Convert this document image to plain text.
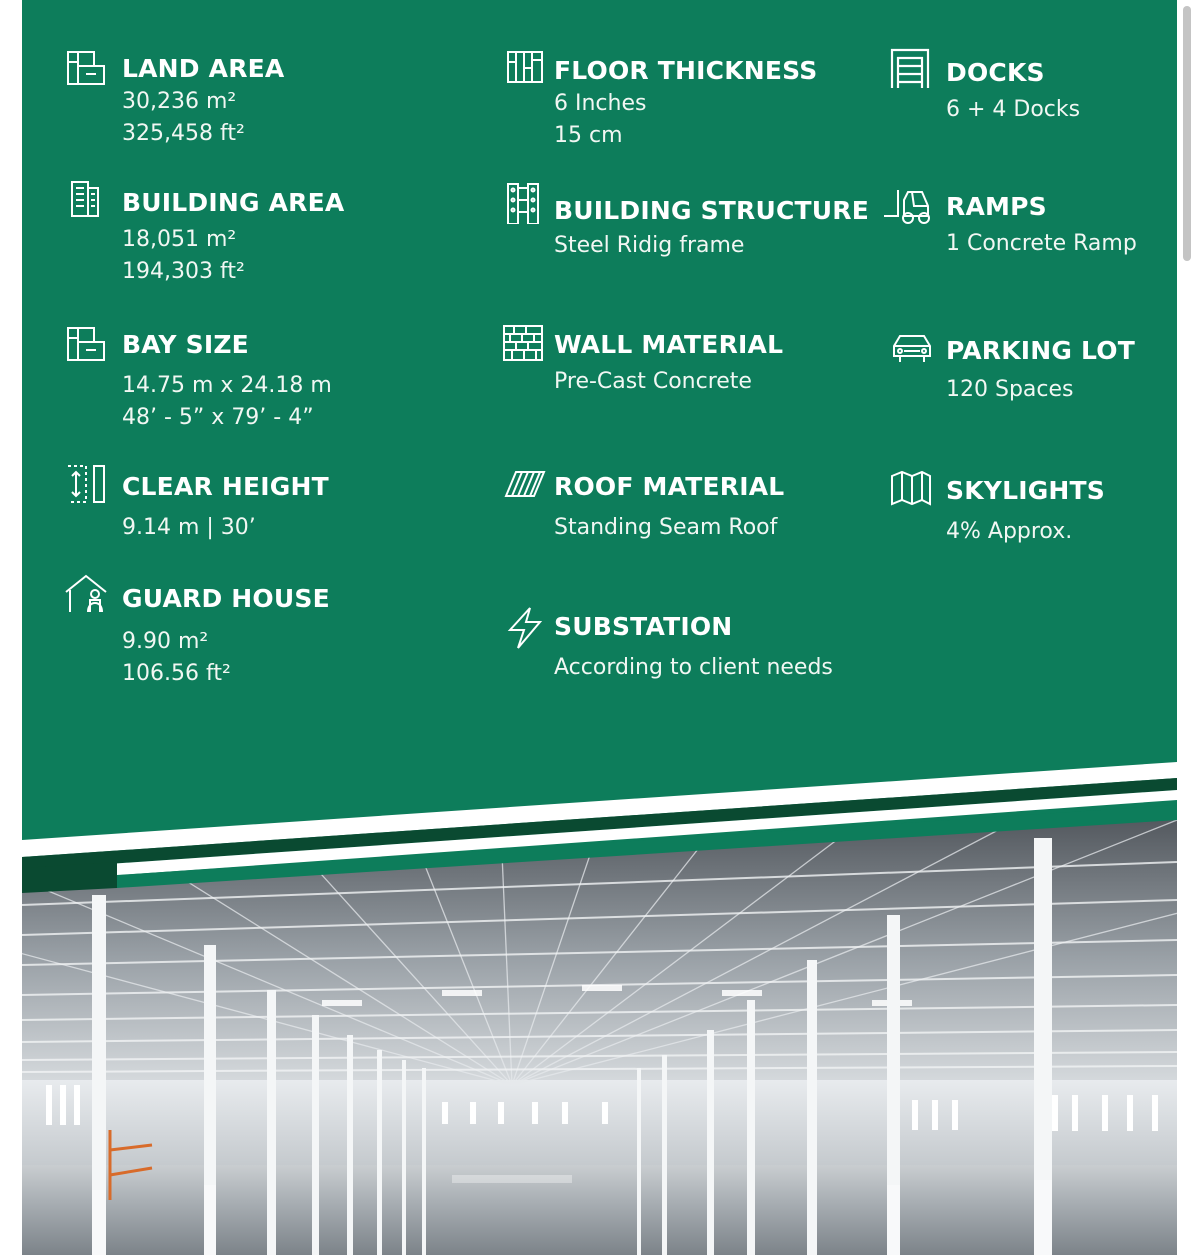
LAND AREA
30,236 m²
325,458 ft²
BUILDING AREA
18,051 m²
194,303 ft²
BAY SIZE
14.75 m x 24.18 m
48’ - 5” x 79’ - 4”
CLEAR HEIGHT
9.14 m | 30’
GUARD HOUSE
9.90 m²
106.56 ft²
FLOOR THICKNESS
6 Inches
15 cm
BUILDING STRUCTURE
Steel Ridig frame
WALL MATERIAL
Pre-Cast Concrete
ROOF MATERIAL
Standing Seam Roof
SUBSTATION
According to client needs
DOCKS
6 + 4 Docks
RAMPS
1 Concrete Ramp
PARKING LOT
120 Spaces
SKYLIGHTS
4% Approx.
